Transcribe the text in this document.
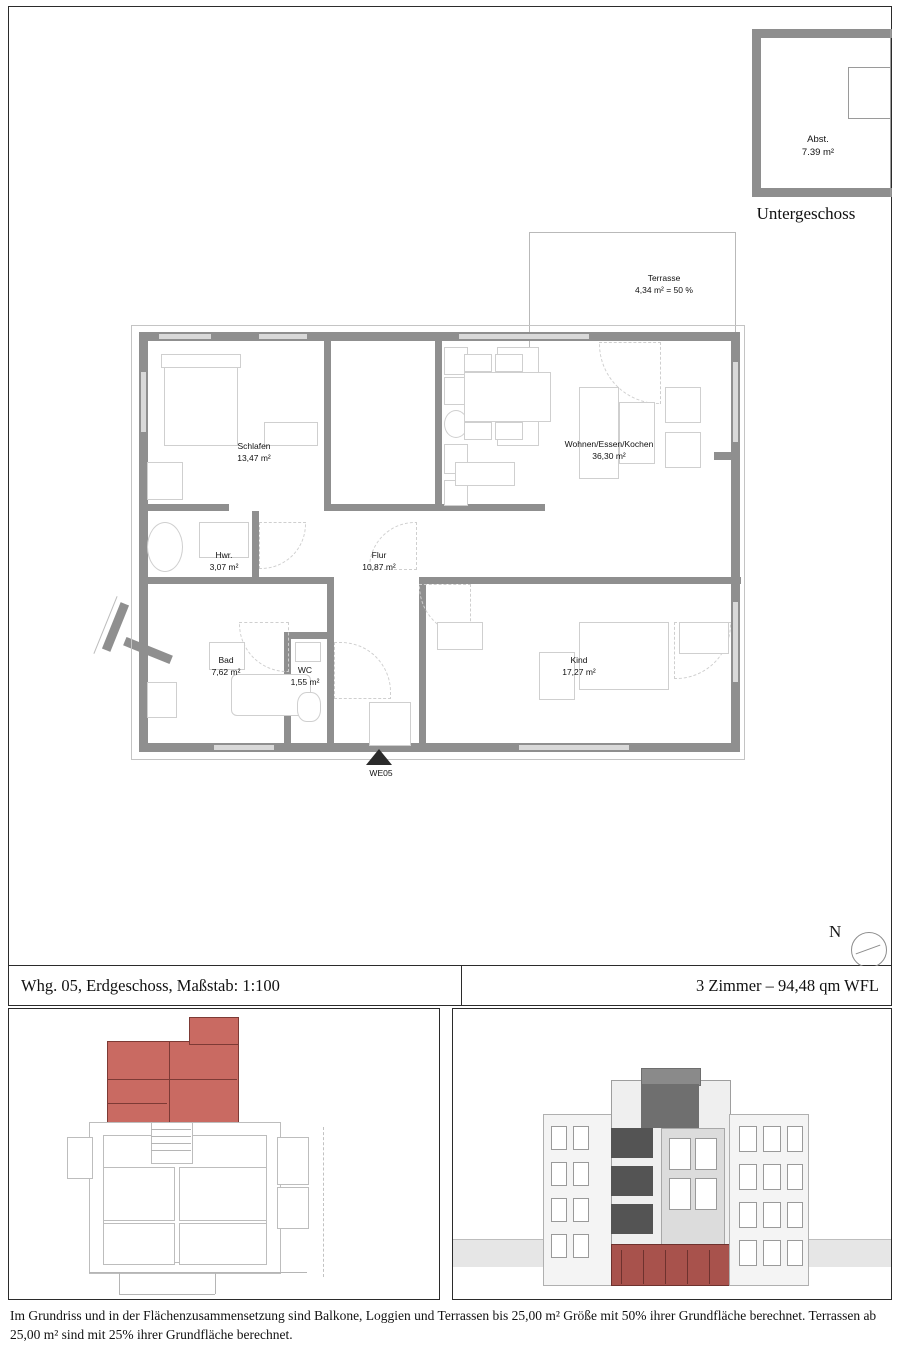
Abst.
7.39 m²
Untergeschoss
Terrasse
4,34 m² = 50 %
Schlafen
13,47 m²
Wohnen/Essen/Kochen
36,30 m²
Hwr.
3,07 m²
Flur
10,87 m²
Bad
7,62 m²	WC
1,55 m²
Kind
17,27 m²
WE05
N
Whg. 05, Erdgeschoss, Maßstab: 1:100	3 Zimmer – 94,48 qm WFL
Im Grundriss und in der Flächenzusammensetzung sind Balkone, Loggien und Terrassen bis 25,00 m² Größe mit 50% ihrer Grundfläche berechnet. Terrassen ab 25,00 m² sind mit 25% ihrer Grundfläche berechnet.
